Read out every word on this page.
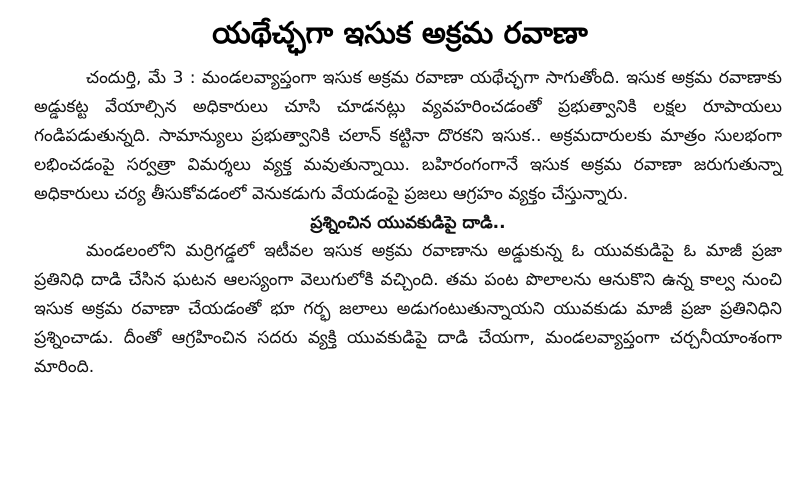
యథేచ్ఛగా ఇసుక అక్రమ రవాణా

చందుర్తి, మే 3 : మండలవ్యాప్తంగా ఇసుక అక్రమ రవాణా యథేచ్ఛగా సాగుతోంది. ఇసుక అక్రమ రవాణాకు అడ్డుకట్ట వేయాల్సిన అధికారులు చూసి చూడనట్లు వ్యవహరించడంతో ప్రభుత్వానికి లక్షల రూపాయలు గండిపడుతున్నది. సామాన్యులు ప్రభుత్వానికి చలాన్ కట్టినా దొరకని ఇసుక.. అక్రమదారులకు మాత్రం సులభంగా లభించడంపై సర్వత్రా విమర్శలు వ్యక్త మవుతున్నాయి. బహిరంగంగానే ఇసుక అక్రమ రవాణా జరుగుతున్నా అధికారులు చర్య తీసుకోవడంలో వెనుకడుగు వేయడంపై ప్రజలు ఆగ్రహం వ్యక్తం చేస్తున్నారు.

ప్రశ్నించిన యువకుడిపై దాడి..

మండలంలోని మర్రిగడ్డలో ఇటీవల ఇసుక అక్రమ రవాణాను అడ్డుకున్న ఓ యువకుడిపై ఓ మాజీ ప్రజా ప్రతినిధి దాడి చేసిన ఘటన ఆలస్యంగా వెలుగులోకి వచ్చింది. తమ పంట పొలాలను ఆనుకొని ఉన్న కాల్వ నుంచి ఇసుక అక్రమ రవాణా చేయడంతో భూ గర్భ జలాలు అడుగంటుతున్నాయని యువకుడు మాజీ ప్రజా ప్రతినిధిని ప్రశ్నించాడు. దీంతో ఆగ్రహించిన సదరు వ్యక్తి యువకుడిపై దాడి చేయగా, మండలవ్యాప్తంగా చర్చనీయాంశంగా మారింది.
